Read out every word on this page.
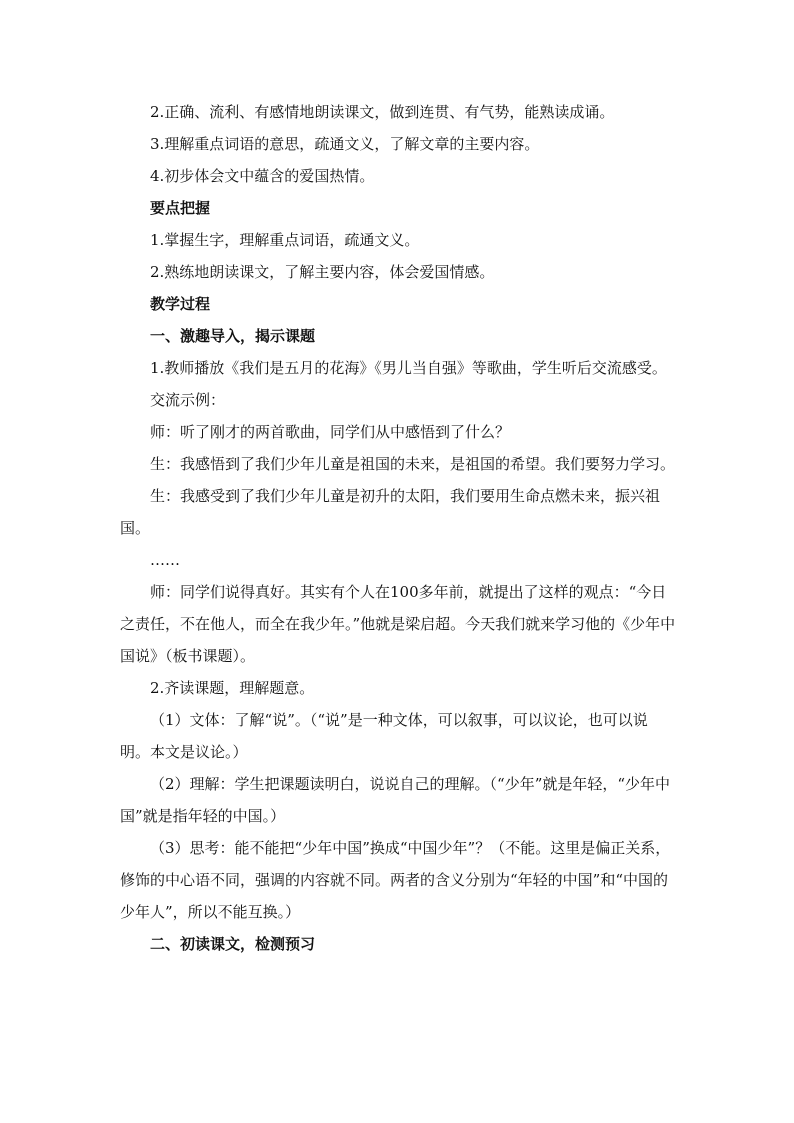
2.正确、流利、有感情地朗读课文，做到连贯、有气势，能熟读成诵。

3.理解重点词语的意思，疏通文义，了解文章的主要内容。

4.初步体会文中蕴含的爱国热情。

要点把握

1.掌握生字，理解重点词语，疏通文义。

2.熟练地朗读课文，了解主要内容，体会爱国情感。

教学过程

一、激趣导入，揭示课题

1.教师播放《我们是五月的花海》《男儿当自强》等歌曲，学生听后交流感受。

交流示例：

师：听了刚才的两首歌曲，同学们从中感悟到了什么？

生：我感悟到了我们少年儿童是祖国的未来，是祖国的希望。我们要努力学习。

生：我感受到了我们少年儿童是初升的太阳，我们要用生命点燃未来，振兴祖国。

……

师：同学们说得真好。其实有个人在100多年前，就提出了这样的观点：“今日之责任，不在他人，而全在我少年。”他就是梁启超。今天我们就来学习他的《少年中国说》（板书课题）。

2.齐读课题，理解题意。

（1）文体：了解“说”。（“说”是一种文体，可以叙事，可以议论，也可以说明。本文是议论。）

（2）理解：学生把课题读明白，说说自己的理解。（“少年”就是年轻，“少年中国”就是指年轻的中国。）

（3）思考：能不能把“少年中国”换成“中国少年”？（不能。这里是偏正关系，修饰的中心语不同，强调的内容就不同。两者的含义分别为“年轻的中国”和“中国的少年人”，所以不能互换。）

二、初读课文，检测预习
